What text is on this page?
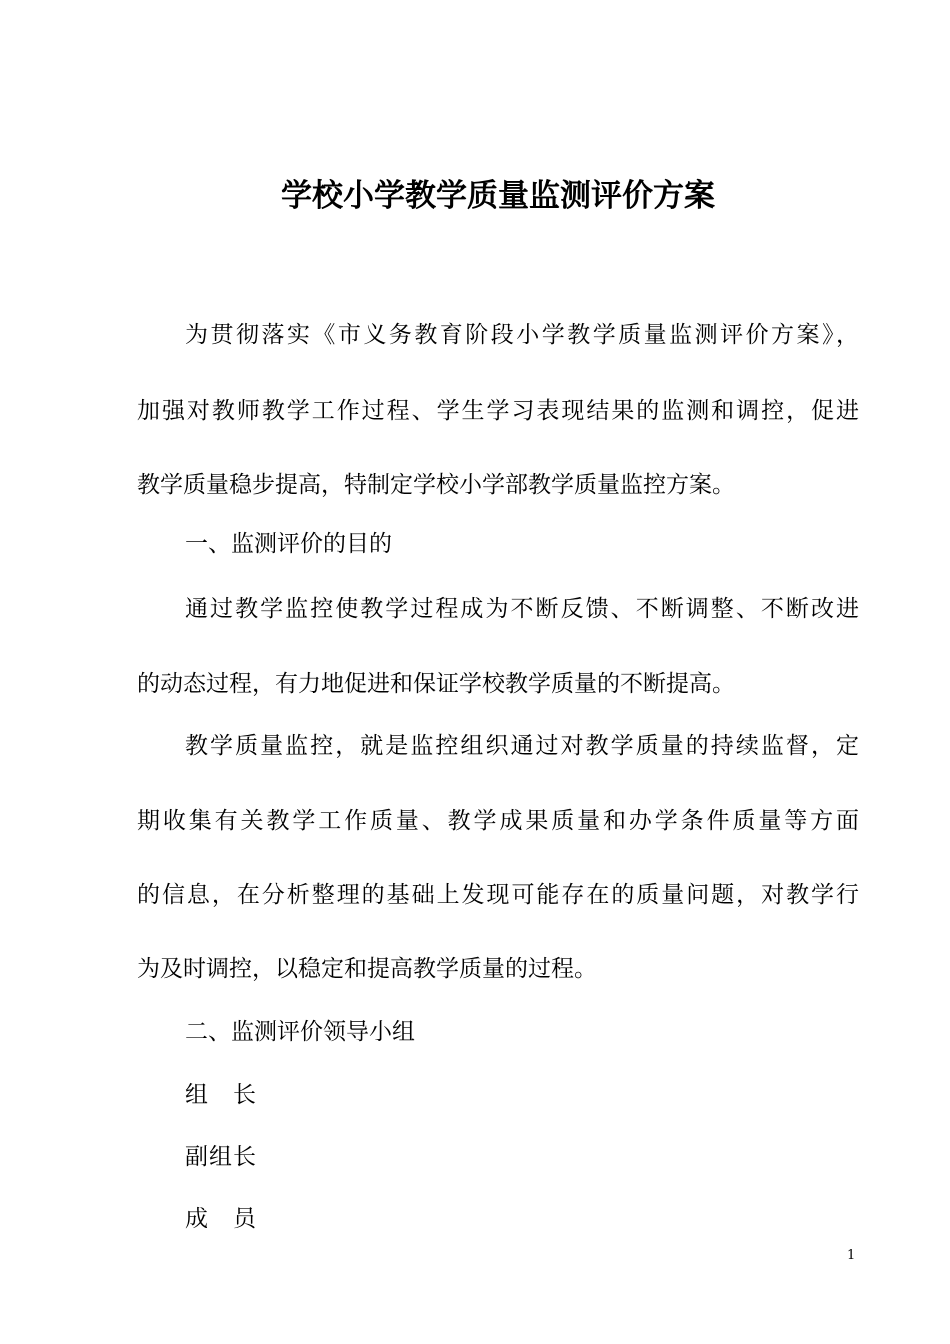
学校小学教学质量监测评价方案
为贯彻落实《市义务教育阶段小学教学质量监测评价方案》，
加强对教师教学工作过程、学生学习表现结果的监测和调控，促进
教学质量稳步提高，特制定学校小学部教学质量监控方案。
一、监测评价的目的
通过教学监控使教学过程成为不断反馈、不断调整、不断改进
的动态过程，有力地促进和保证学校教学质量的不断提高。
教学质量监控，就是监控组织通过对教学质量的持续监督，定
期收集有关教学工作质量、教学成果质量和办学条件质量等方面
的信息，在分析整理的基础上发现可能存在的质量问题，对教学行
为及时调控，以稳定和提高教学质量的过程。
二、监测评价领导小组
组　长
副组长
成　员
1
